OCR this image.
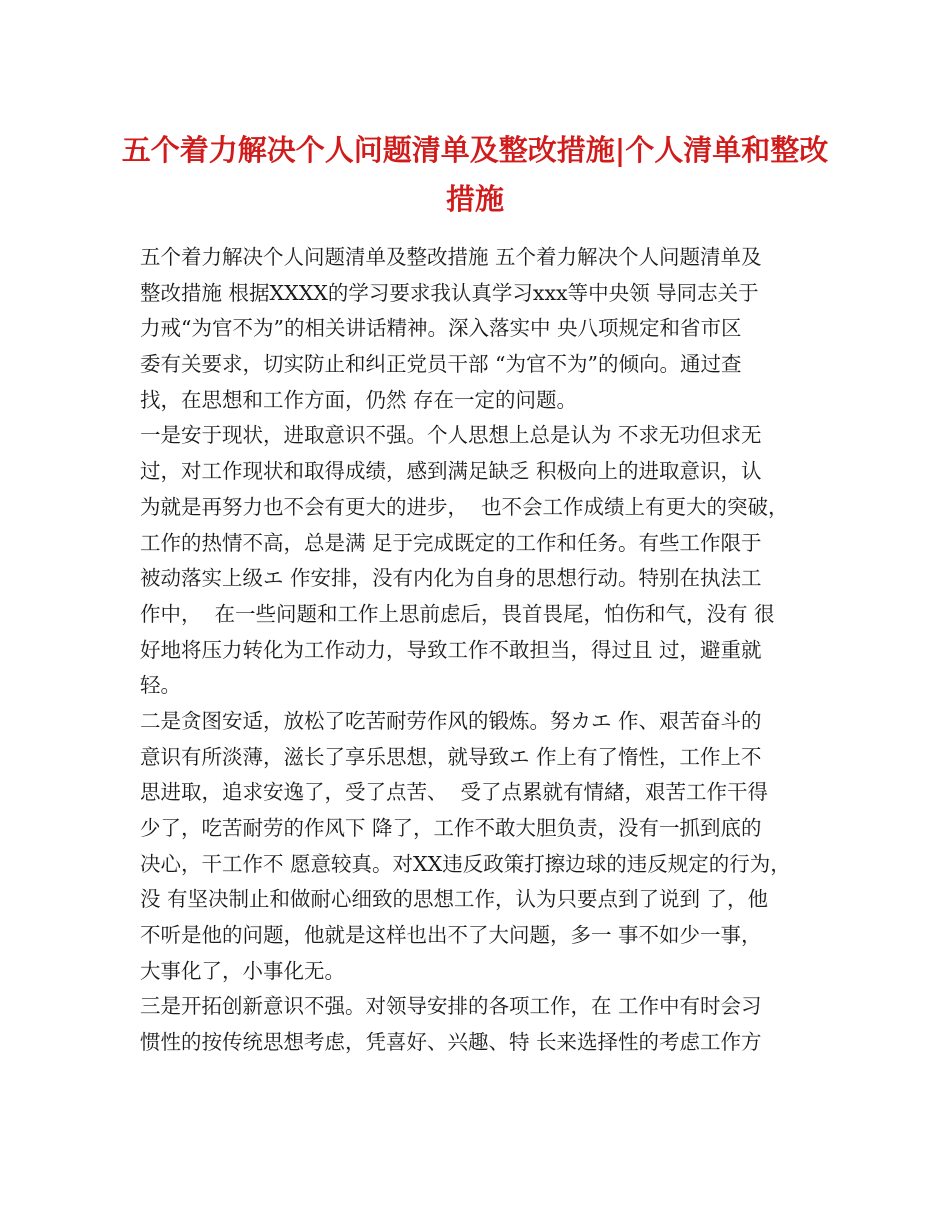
五个着力解决个人问题清单及整改措施|个人清单和整改措施
五个着力解决个人问题清单及整改措施 五个着力解决个人问题清单及
整改措施 根据XXXX的学习要求我认真学习xxx等中央领 导同志关于
力戒“为官不为”的相关讲话精神。深入落实中 央八项规定和省市区
委有关要求，切实防止和纠正党员干部 “为官不为”的倾向。通过查
找，在思想和工作方面，仍然 存在一定的问题。
一是安于现状，进取意识不强。个人思想上总是认为 不求无功但求无
过，对工作现状和取得成绩，感到满足缺乏 积极向上的进取意识，认
为就是再努力也不会有更大的进步，  也不会工作成绩上有更大的突破，
工作的热情不高，总是满 足于完成既定的工作和任务。有些工作限于
被动落实上级エ 作安排，没有内化为自身的思想行动。特别在执法工
作中，  在一些问题和工作上思前虑后，畏首畏尾，怕伤和气，没有 很
好地将压力转化为工作动力，导致工作不敢担当，得过且 过，避重就
轻。
二是贪图安适，放松了吃苦耐劳作风的锻炼。努カエ 作、艰苦奋斗的
意识有所淡薄，滋长了享乐思想，就导致エ 作上有了惰性，工作上不
思进取，追求安逸了，受了点苦、  受了点累就有情緖，艰苦工作干得
少了，吃苦耐劳的作风下 降了，工作不敢大胆负责，没有一抓到底的
决心，干工作不 愿意较真。对XX违反政策打擦边球的违反规定的行为，
没 有坚决制止和做耐心细致的思想工作，认为只要点到了说到 了，他
不听是他的问题，他就是这样也出不了大问题，多一 事不如少一事，
大事化了，小事化无。
三是开拓创新意识不强。对领导安排的各项工作，在 工作中有时会习
惯性的按传统思想考虑，凭喜好、兴趣、特 长来选择性的考虑工作方
